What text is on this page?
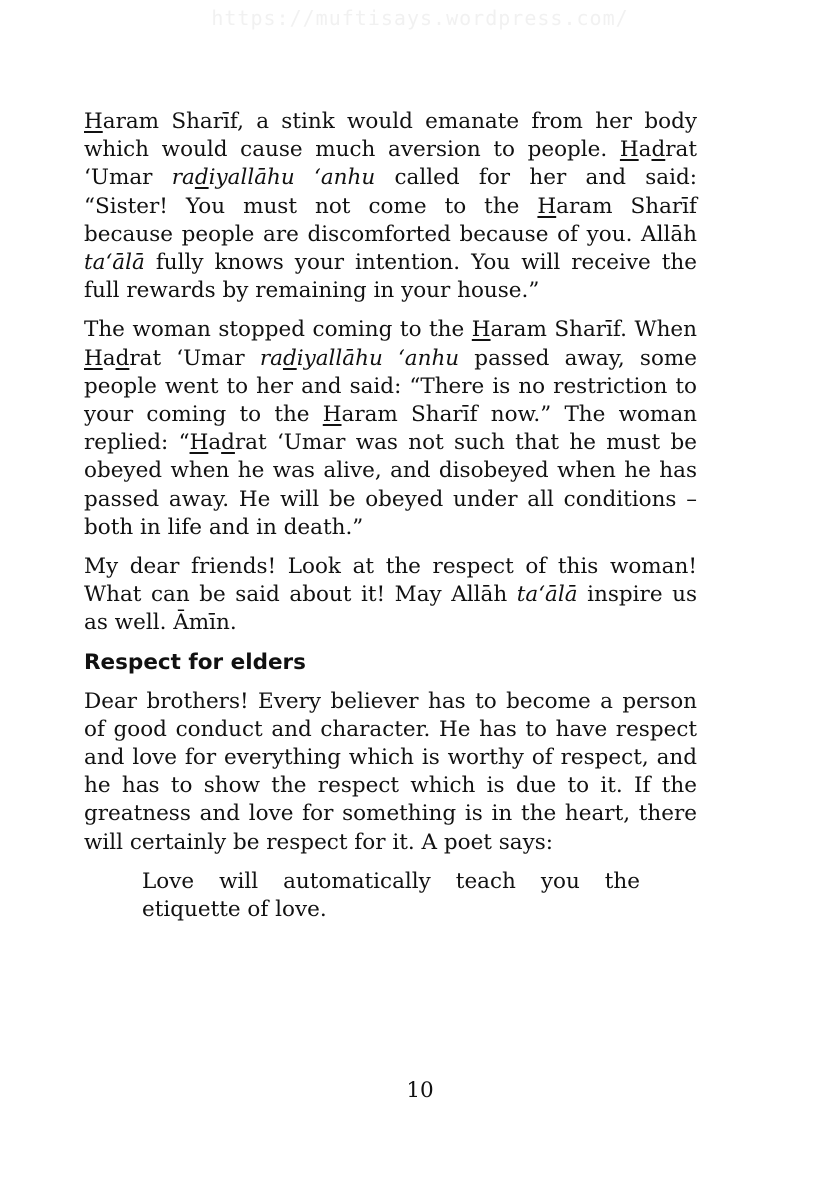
https://muftisays.wordpress.com/

Haram Sharīf, a stink would emanate from her body which would cause much aversion to people. Hadrat ‘Umar radiyallāhu ‘anhu called for her and said: “Sister! You must not come to the Haram Sharīf because people are discomforted because of you. Allāh ta‘ālā fully knows your intention. You will receive the full rewards by remaining in your house.”

The woman stopped coming to the Haram Sharīf. When Hadrat ‘Umar radiyallāhu ‘anhu passed away, some people went to her and said: “There is no restriction to your coming to the Haram Sharīf now.” The woman replied: “Hadrat ‘Umar was not such that he must be obeyed when he was alive, and disobeyed when he has passed away. He will be obeyed under all conditions – both in life and in death.”

My dear friends! Look at the respect of this woman! What can be said about it! May Allāh ta‘ālā inspire us as well. Āmīn.

Respect for elders

Dear brothers! Every believer has to become a person of good conduct and character. He has to have respect and love for everything which is worthy of respect, and he has to show the respect which is due to it. If the greatness and love for something is in the heart, there will certainly be respect for it. A poet says:

Love will automatically teach you the etiquette of love.

10
